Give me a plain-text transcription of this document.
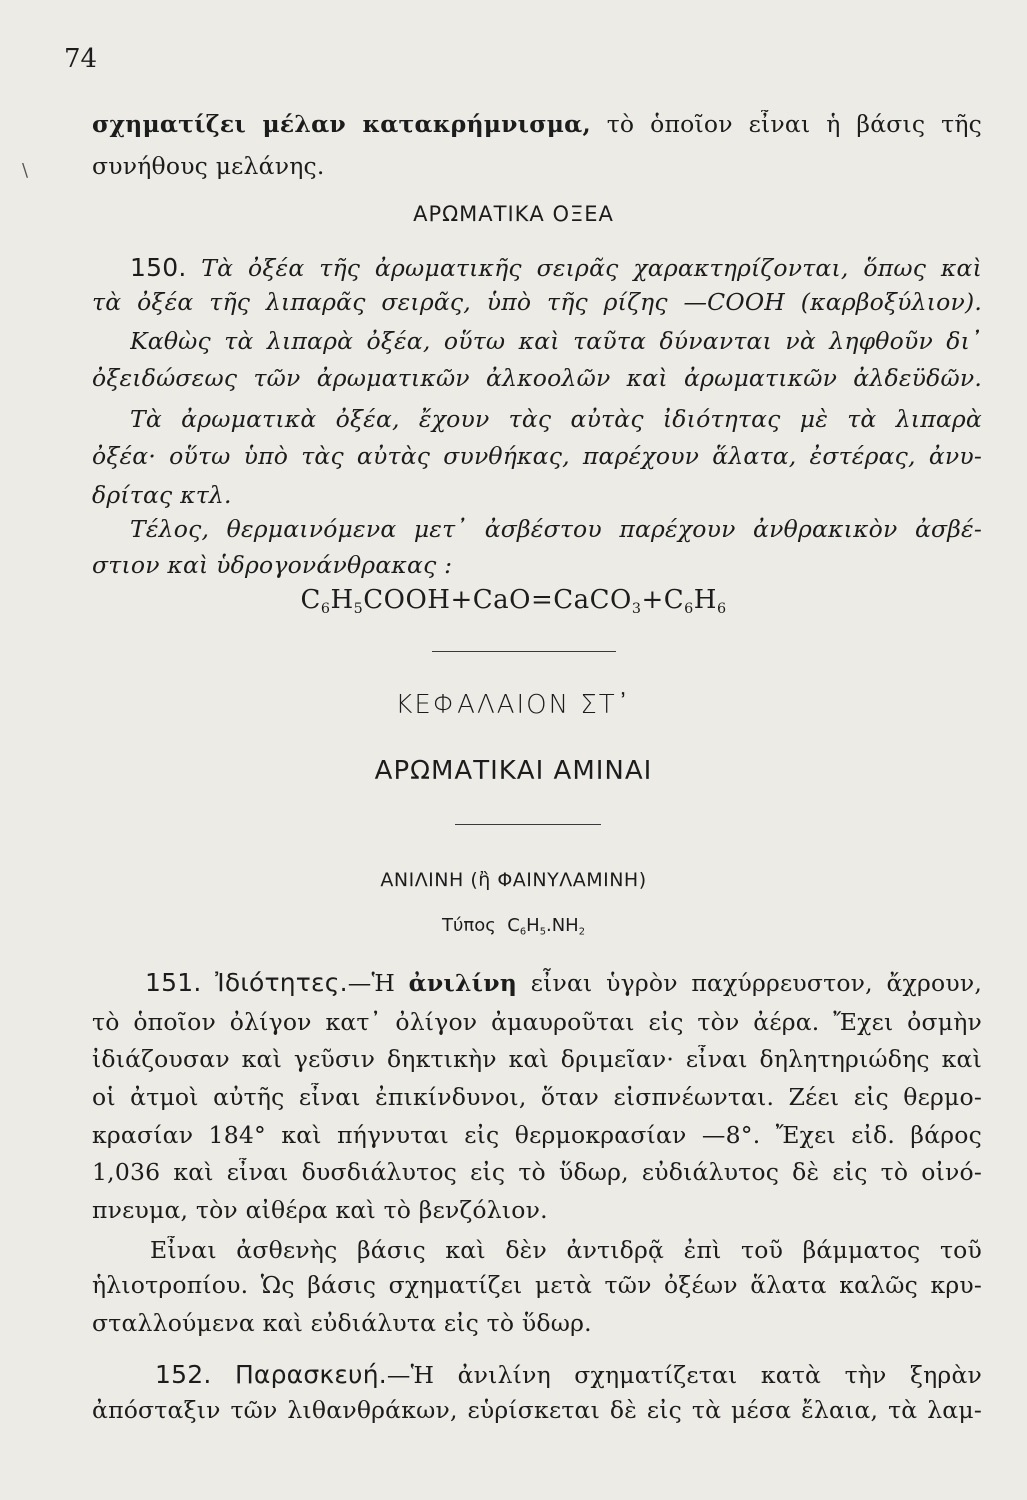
74
\
σχηματίζει μέλαν κατακρήμνισμα, τὸ ὁποῖον εἶναι ἡ βάσις τῆς
συνήθους μελάνης.
ΑΡΩΜΑΤΙΚΑ ΟΞΕΑ
150. Τὰ ὀξέα τῆς ἀρωματικῆς σειρᾶς χαρακτηρίζονται, ὅπως καὶ
τὰ ὀξέα τῆς λιπαρᾶς σειρᾶς, ὑπὸ τῆς ρίζης —COOH (καρβοξύλιον).
Καθὼς τὰ λιπαρὰ ὀξέα, οὕτω καὶ ταῦτα δύνανται νὰ ληφθοῦν δι᾽
ὀξειδώσεως τῶν ἀρωματικῶν ἀλκοολῶν καὶ ἀρωματικῶν ἀλδεϋδῶν.
Τὰ ἀρωματικὰ ὀξέα, ἔχουν τὰς αὐτὰς ἰδιότητας μὲ τὰ λιπαρὰ
ὀξέα· οὕτω ὑπὸ τὰς αὐτὰς συνθήκας, παρέχουν ἅλατα, ἐστέρας, ἀνυ-
δρίτας κτλ.
Τέλος, θερμαινόμενα μετ᾽ ἀσβέστου παρέχουν ἀνθρακικὸν ἀσβέ-
στιον καὶ ὑδρογονάνθρακας :
$C_6H_5COOH+CaO=CaCO_3+C_6H_6$
ΚΕΦΑΛΑΙΟΝ ΣΤ᾽
ΑΡΩΜΑΤΙΚΑΙ ΑΜΙΝΑΙ
ΑΝΙΛΙΝΗ (ἢ ΦΑΙΝΥΛΑΜΙΝΗ)
Τύπος $C_6H_5.NH_2$
151. Ἰδιότητες.—Ἡ ἀνιλίνη εἶναι ὑγρὸν παχύρρευστον, ἄχρουν,
τὸ ὁποῖον ὀλίγον κατ᾽ ὀλίγον ἀμαυροῦται εἰς τὸν ἀέρα. Ἔχει ὀσμὴν
ἰδιάζουσαν καὶ γεῦσιν δηκτικὴν καὶ δριμεῖαν· εἶναι δηλητηριώδης καὶ
οἱ ἀτμοὶ αὐτῆς εἶναι ἐπικίνδυνοι, ὅταν εἰσπνέωνται. Ζέει εἰς θερμο-
κρασίαν 184° καὶ πήγνυται εἰς θερμοκρασίαν —8°. Ἔχει εἰδ. βάρος
1,036 καὶ εἶναι δυσδιάλυτος εἰς τὸ ὕδωρ, εὐδιάλυτος δὲ εἰς τὸ οἰνό-
πνευμα, τὸν αἰθέρα καὶ τὸ βενζόλιον.
Εἶναι ἀσθενὴς βάσις καὶ δὲν ἀντιδρᾷ ἐπὶ τοῦ βάμματος τοῦ
ἡλιοτροπίου. Ὡς βάσις σχηματίζει μετὰ τῶν ὀξέων ἅλατα καλῶς κρυ-
σταλλούμενα καὶ εὐδιάλυτα εἰς τὸ ὕδωρ.
152. Παρασκευή.—Ἡ ἀνιλίνη σχηματίζεται κατὰ τὴν ξηρὰν
ἀπόσταξιν τῶν λιθανθράκων, εὑρίσκεται δὲ εἰς τὰ μέσα ἔλαια, τὰ λαμ-
